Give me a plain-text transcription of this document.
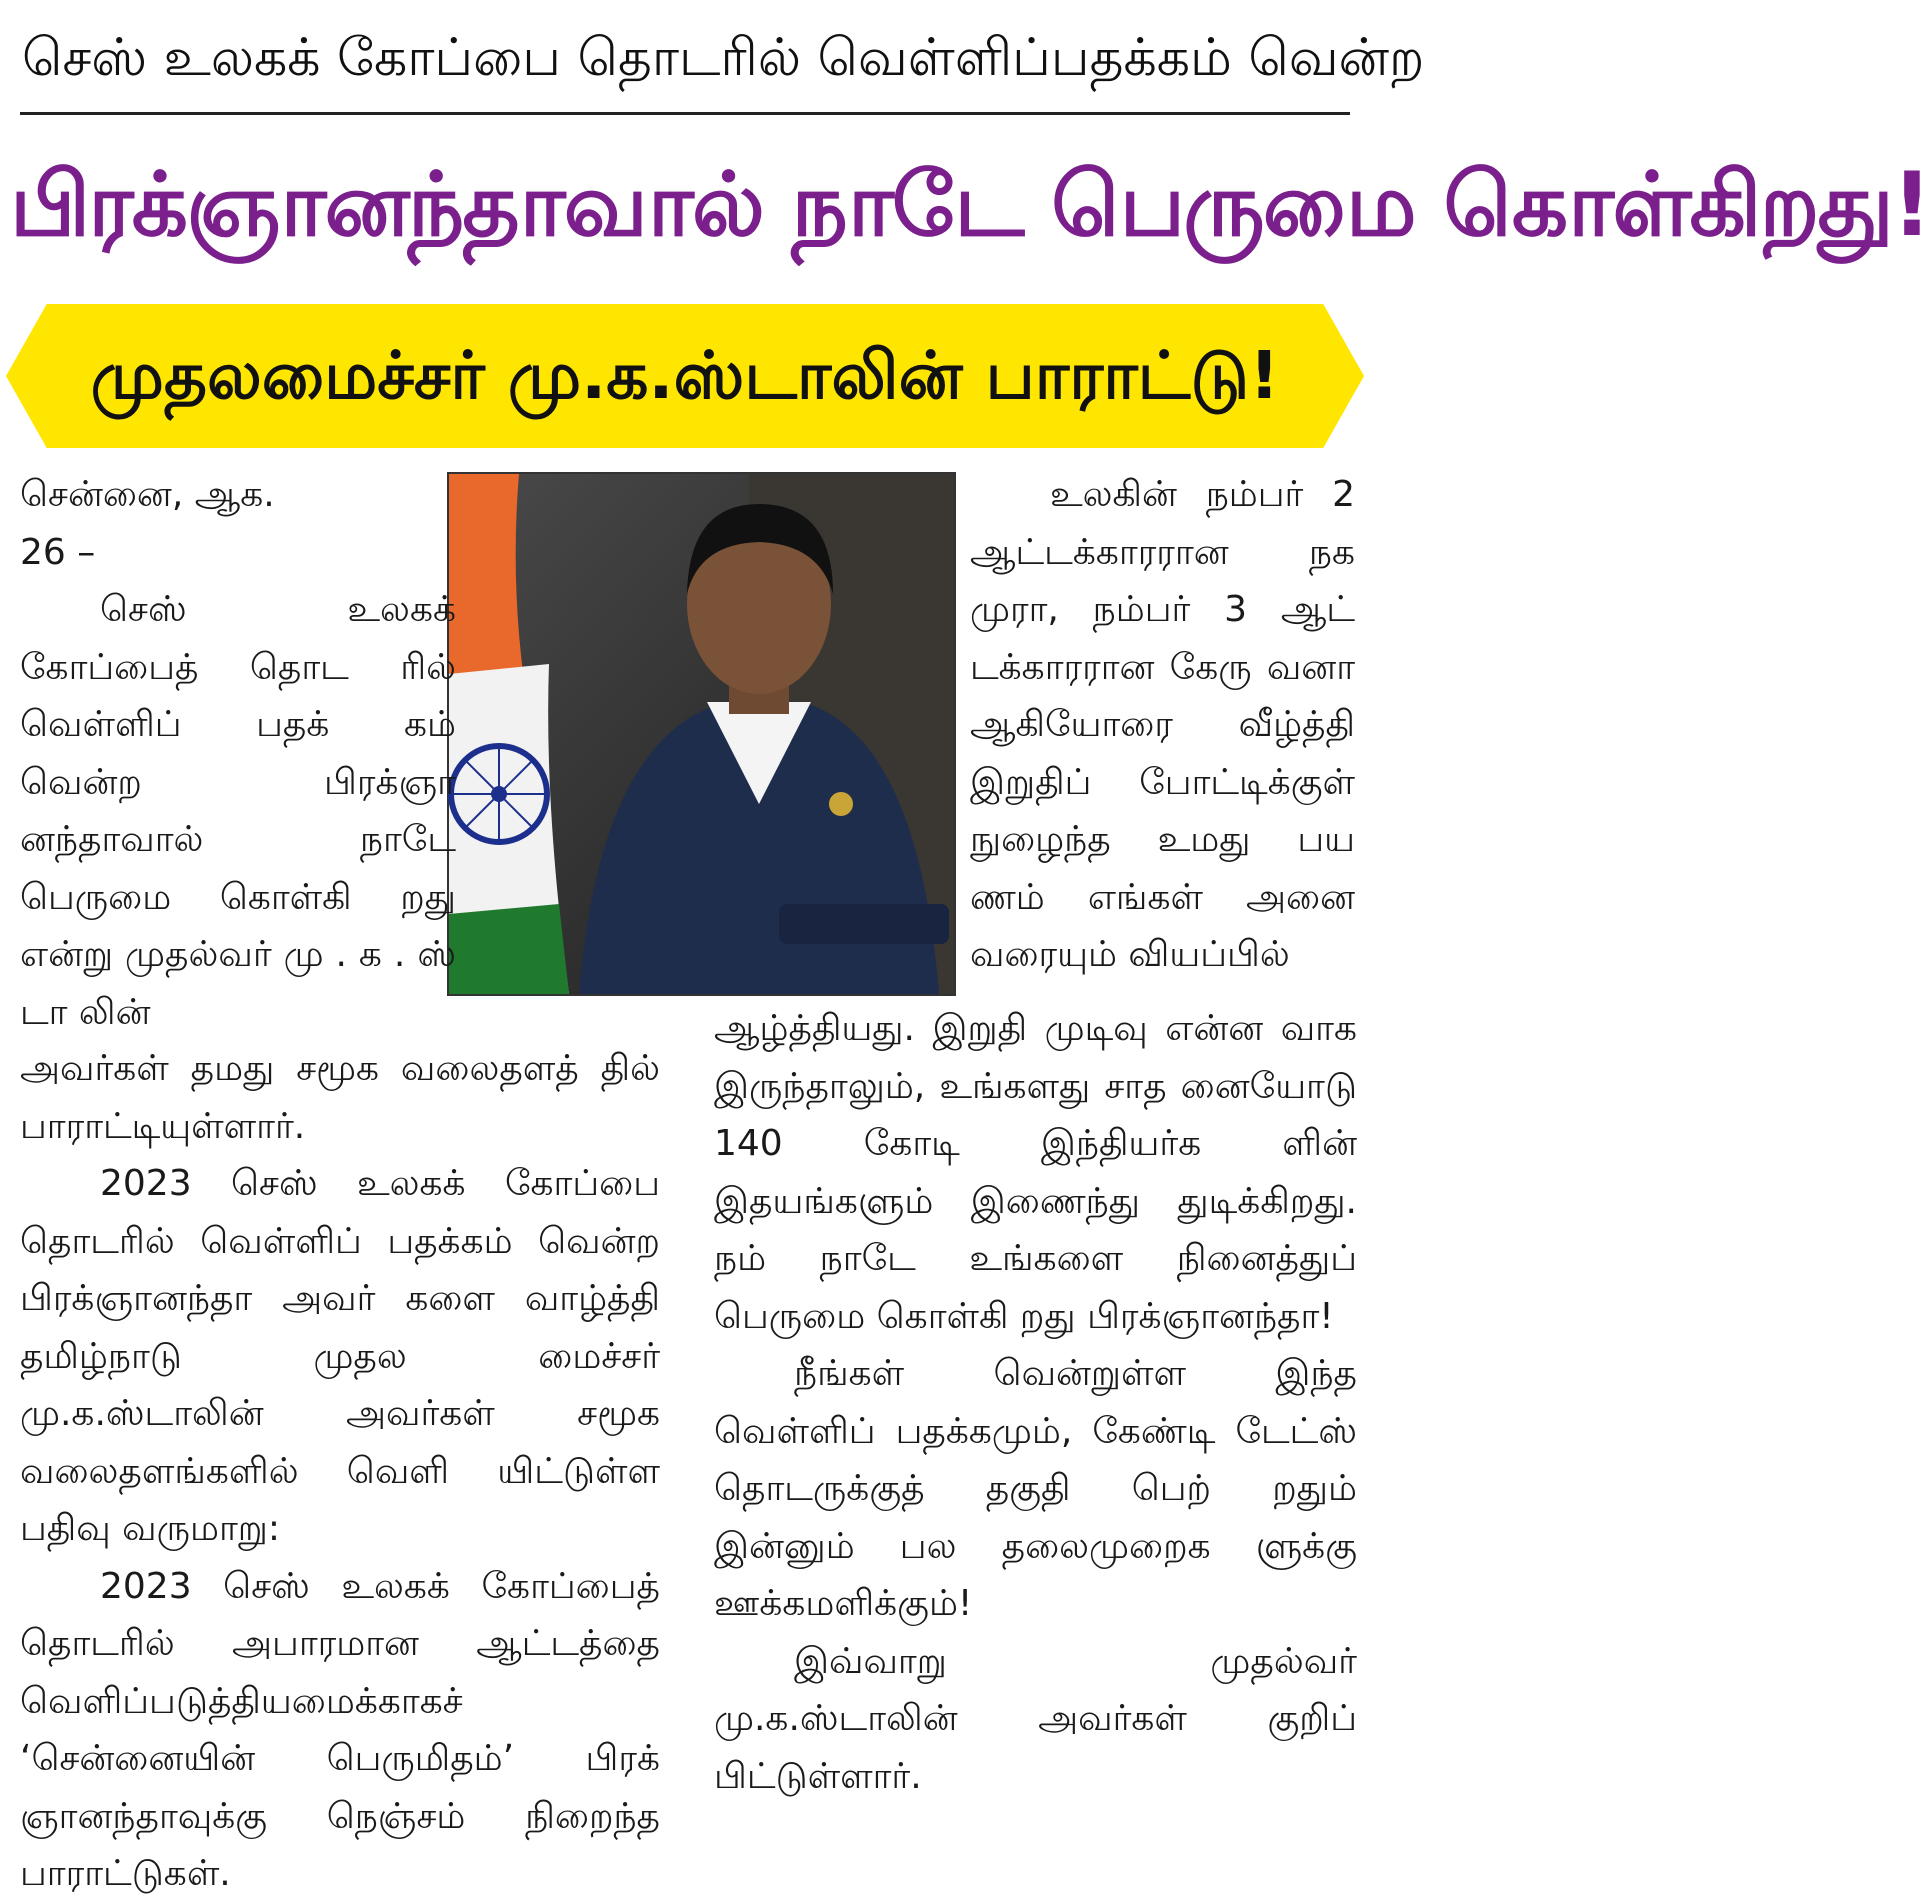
செஸ் உலகக் கோப்பை தொடரில் வெள்ளிப்பதக்கம் வென்ற
பிரக்ஞானந்தாவால் நாடே பெருமை கொள்கிறது!
முதலமைச்சர் மு.க.ஸ்டாலின் பாராட்டு!

சென்னை, ஆக.

26 –

செஸ் உலகக் கோப்பைத் தொட ரில் வெள்ளிப் பதக் கம் வென்ற பிரக்ஞா னந்தாவால் நாடே பெருமை கொள்கி றது என்று முதல்வர் மு . க . ஸ் டா லின்

அவர்கள் தமது சமூக வலைதளத் தில் பாராட்டியுள்ளார்.

2023 செஸ் உலகக் கோப்பை தொடரில் வெள்ளிப் பதக்கம் வென்ற பிரக்ஞானந்தா அவர் களை வாழ்த்தி தமிழ்நாடு முதல மைச்சர் மு.க.ஸ்டாலின் அவர்கள் சமூக வலைதளங்களில் வெளி யிட்டுள்ள பதிவு வருமாறு:

2023 செஸ் உலகக் கோப்பைத் தொடரில் அபாரமான ஆட்டத்தை வெளிப்படுத்தியமைக்காகச் ‘சென்னையின் பெருமிதம்’ பிரக் ஞானந்தாவுக்கு நெஞ்சம் நிறைந்த பாராட்டுகள்.

உலகின் நம்பர் 2 ஆட்டக்காரரான நக முரா, நம்பர் 3 ஆட் டக்காரரான கேரு வனா ஆகியோரை வீழ்த்தி இறுதிப் போட்டிக்குள் நுழைந்த உமது பய ணம் எங்கள் அனை வரையும் வியப்பில்

ஆழ்த்தியது. இறுதி முடிவு என்ன வாக இருந்தாலும், உங்களது சாத னையோடு 140 கோடி இந்தியர்க ளின் இதயங்களும் இணைந்து துடிக்கிறது. நம் நாடே உங்களை நினைத்துப் பெருமை கொள்கி றது பிரக்ஞானந்தா!

நீங்கள் வென்றுள்ள இந்த வெள்ளிப் பதக்கமும், கேண்டி டேட்ஸ் தொடருக்குத் தகுதி பெற் றதும் இன்னும் பல தலைமுறைக ளுக்கு ஊக்கமளிக்கும்!

இவ்வாறு முதல்வர் மு.க.ஸ்டாலின் அவர்கள் குறிப் பிட்டுள்ளார்.
